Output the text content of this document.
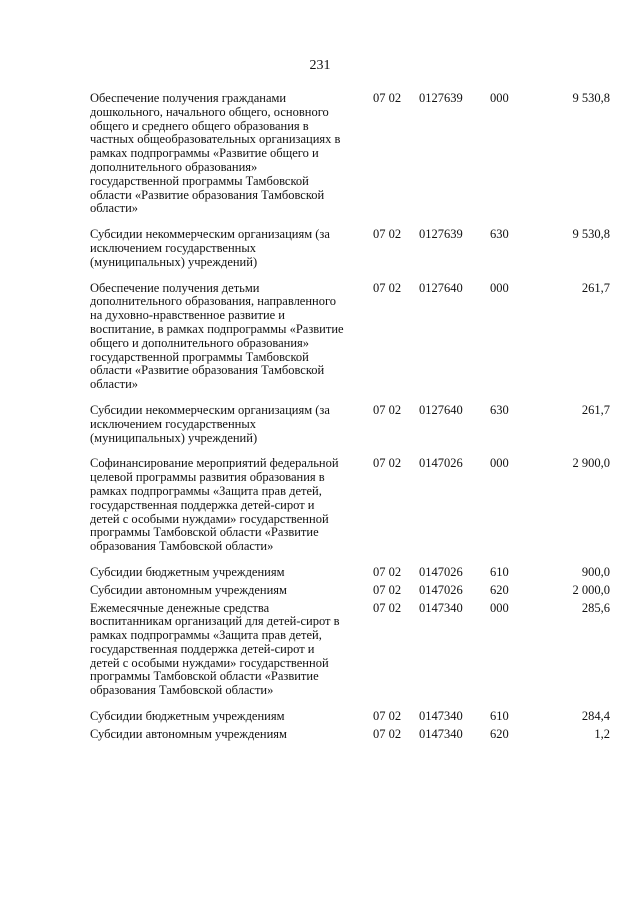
231
Обеспечение получения гражданами дошкольного, начального общего, основного общего и среднего общего образования в частных общеобразовательных организациях в рамках подпрограммы «Развитие общего и дополнительного образования» государственной программы Тамбовской области «Развитие образования Тамбовской области»	07 02	0127639	000	9 530,8
Субсидии некоммерческим организациям (за исключением государственных (муниципальных) учреждений)	07 02	0127639	630	9 530,8
Обеспечение получения детьми дополнительного образования, направленного на духовно-нравственное развитие и воспитание, в рамках подпрограммы «Развитие общего и дополнительного образования» государственной программы Тамбовской области «Развитие образования Тамбовской области»	07 02	0127640	000	261,7
Субсидии некоммерческим организациям (за исключением государственных (муниципальных) учреждений)	07 02	0127640	630	261,7
Софинансирование мероприятий федеральной целевой программы развития образования в рамках подпрограммы «Защита прав детей, государственная поддержка детей-сирот и детей с особыми нуждами» государственной программы Тамбовской области «Развитие образования Тамбовской области»	07 02	0147026	000	2 900,0
Субсидии бюджетным учреждениям	07 02	0147026	610	900,0
Субсидии автономным учреждениям	07 02	0147026	620	2 000,0
Ежемесячные денежные средства воспитанникам организаций для детей-сирот в рамках подпрограммы «Защита прав детей, государственная поддержка детей-сирот и детей с особыми нуждами» государственной программы Тамбовской области «Развитие образования Тамбовской области»	07 02	0147340	000	285,6
Субсидии бюджетным учреждениям	07 02	0147340	610	284,4
Субсидии автономным учреждениям	07 02	0147340	620	1,2
